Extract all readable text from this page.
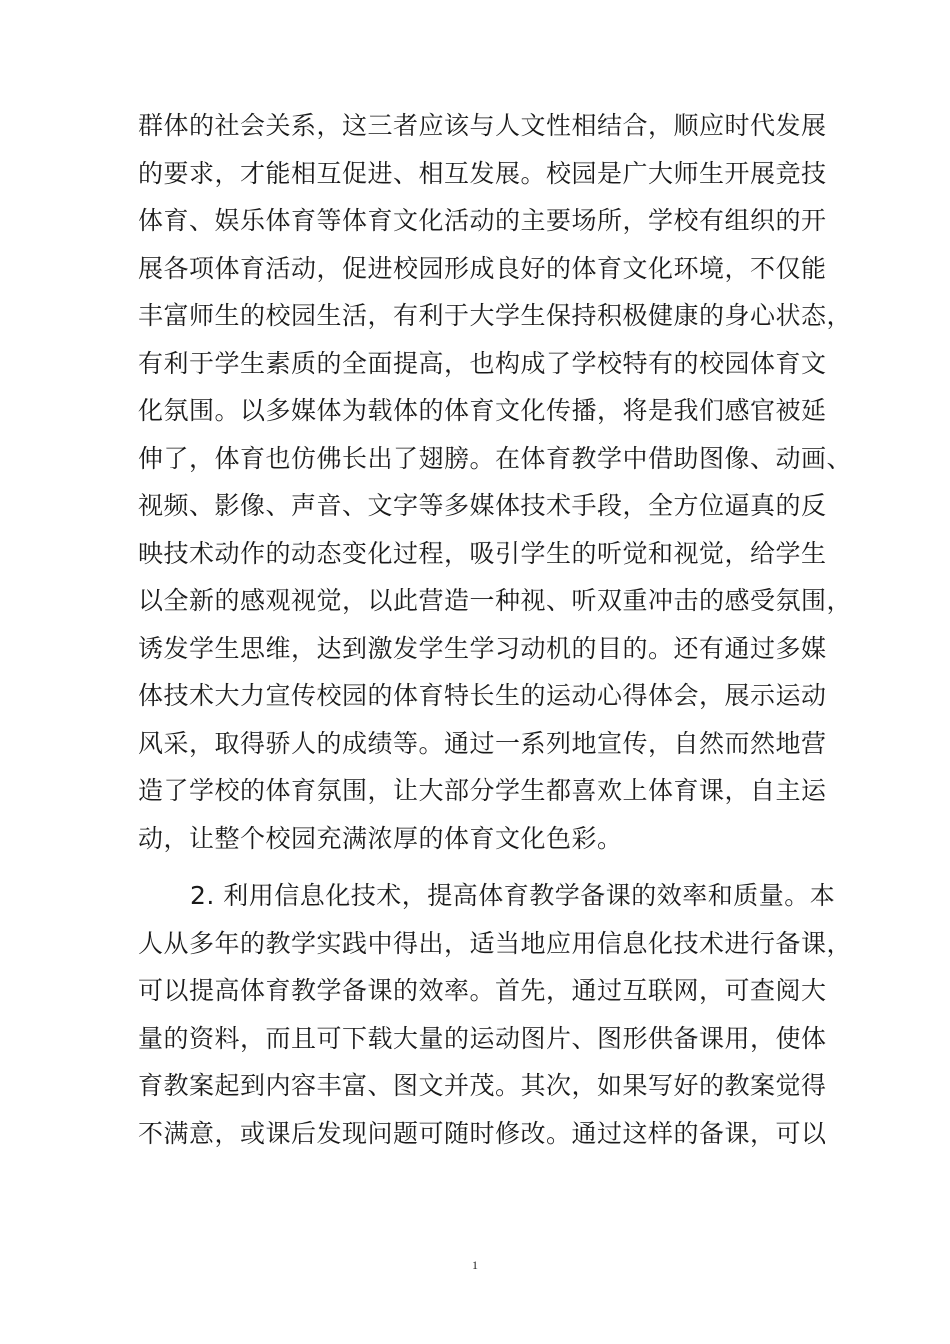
群体的社会关系，这三者应该与人文性相结合，顺应时代发展
的要求，才能相互促进、相互发展。校园是广大师生开展竞技
体育、娱乐体育等体育文化活动的主要场所，学校有组织的开
展各项体育活动，促进校园形成良好的体育文化环境，不仅能
丰富师生的校园生活，有利于大学生保持积极健康的身心状态，
有利于学生素质的全面提高，也构成了学校特有的校园体育文
化氛围。以多媒体为载体的体育文化传播，将是我们感官被延
伸了，体育也仿佛长出了翅膀。在体育教学中借助图像、动画、
视频、影像、声音、文字等多媒体技术手段，全方位逼真的反
映技术动作的动态变化过程，吸引学生的听觉和视觉，给学生
以全新的感观视觉，以此营造一种视、听双重冲击的感受氛围，
诱发学生思维，达到激发学生学习动机的目的。还有通过多媒
体技术大力宣传校园的体育特长生的运动心得体会，展示运动
风采，取得骄人的成绩等。通过一系列地宣传，自然而然地营
造了学校的体育氛围，让大部分学生都喜欢上体育课，自主运
动，让整个校园充满浓厚的体育文化色彩。
2. 利用信息化技术，提高体育教学备课的效率和质量。本
人从多年的教学实践中得出，适当地应用信息化技术进行备课，
可以提高体育教学备课的效率。首先，通过互联网，可查阅大
量的资料，而且可下载大量的运动图片、图形供备课用，使体
育教案起到内容丰富、图文并茂。其次，如果写好的教案觉得
不满意，或课后发现问题可随时修改。通过这样的备课，可以
1
